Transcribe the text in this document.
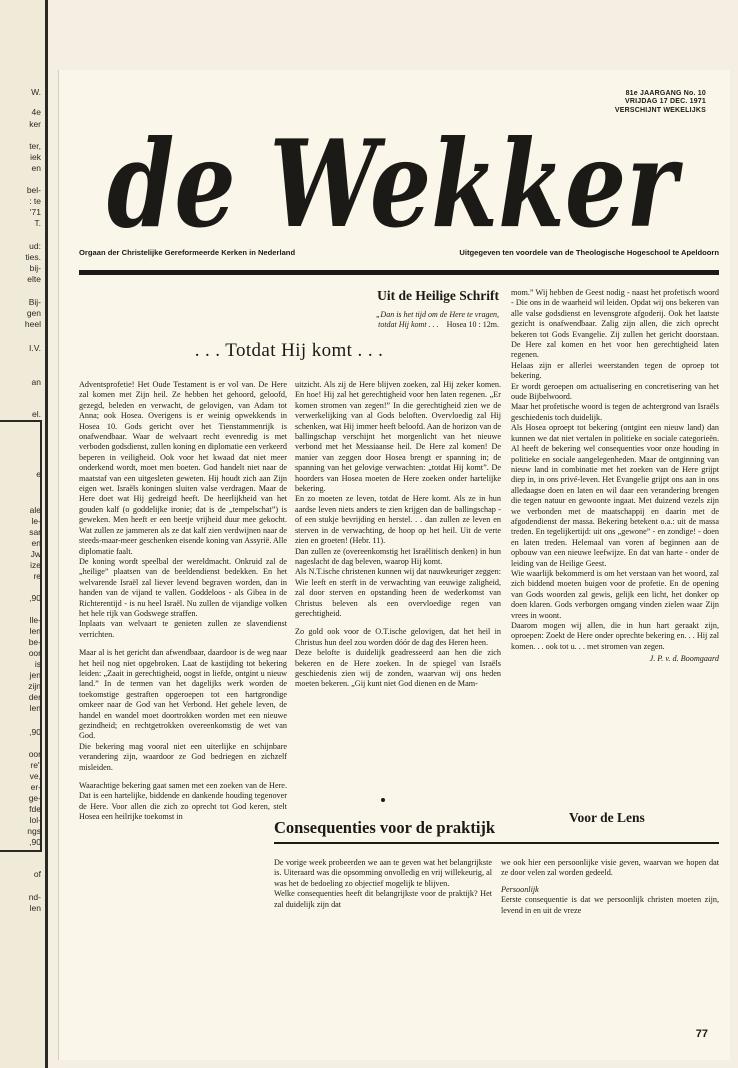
W.
4e
ker
ter,
iek
en
bel-
: te
'71
T.
ud:
ties.
bij-
elte
Bij-
gen
heel
I.V.
an
el.
e
ale
le-
sar
en
Jw
ize
re
,90
lle-
len
be-
oor
is
jen
zijn
der
len
,90
oor
re"
ve,
er-
ge-
fde
lol-
ngs
,90
of
nd-
len
81e JAARGANG No. 10
VRIJDAG 17 DEC. 1971
VERSCHIJNT WEKELIJKS
de Wekker
Orgaan der Christelijke Gereformeerde Kerken in Nederland	Uitgegeven ten voordele van de Theologische Hogeschool te Apeldoorn
Uit de Heilige Schrift
„Dan is het tijd om de Here te vragen,
totdat Hij komt . . . Hosea 10 : 12m.
. . . Totdat Hij komt . . .

Adventsprofetie! Het Oude Testament is er vol van. De Here zal komen met Zijn heil. Ze hebben het gehoord, geloofd, gezegd, beleden en verwacht, de gelovigen, van Adam tot Anna; ook Hosea. Overigens is er weinig opwekkends in Hosea 10. Gods gericht over het Tienstammenrijk is onafwendbaar. Waar de welvaart recht evenredig is met verboden godsdienst, zullen koning en diplomatie een verkeerd beperen in veiligheid. Ook voor het kwaad dat niet meer onderkend wordt, moet men boeten. God handelt niet naar de maatstaf van een uitgesleten geweten. Hij houdt zich aan Zijn eigen wet. Israëls koningen sluiten valse verdragen. Maar de Here doet wat Hij gedreigd heeft. De heerlijkheid van het gouden kalf (o goddelijke ironie; dat is de „tempelschat”) is geweken. Men heeft er een beetje vrijheid duur mee gekocht. Wat zullen ze jammeren als ze dat kalf zien verdwijnen naar de steeds-maar-meer geschenken eisende koning van Assyrië. Alle diplomatie faalt.

De koning wordt speelbal der wereldmacht. Onkruid zal de „heilige” plaatsen van de beeldendienst bedekken. En het welvarende Israël zal liever levend begraven worden, dan in handen van de vijand te vallen. Goddeloos - als Gibea in de Richterentijd - is nu heel Israël. Nu zullen de vijandige volken het hele rijk van Godswege straffen.

Inplaats van welvaart te genieten zullen ze slavendienst verrichten.

Maar al is het gericht dan afwendbaar, daardoor is de weg naar het heil nog niet opgebroken. Laat de kastijding tot bekering leiden: „Zaait in gerechtigheid, oogst in liefde, ontgint u nieuw land.” In de termen van het dagelijks werk worden de toekomstige gestraften opgeroepen tot een hartgrondige omkeer naar de God van het Verbond. Het gehele leven, de handel en wandel moet doortrokken worden met een nieuwe gezindheid; en rechtgetrokken overeenkomstig de wet van God.

Die bekering mag vooral niet een uiterlijke en schijnbare verandering zijn, waardoor ze God bedriegen en zichzelf misleiden.

Waarachtige bekering gaat samen met een zoeken van de Here. Dat is een hartelijke, biddende en dankende houding tegenover de Here. Voor allen die zich zo oprecht tot God keren, stelt Hosea een heilrijke toekomst in

uitzicht. Als zij de Here blijven zoeken, zal Hij zeker komen. En hoe! Hij zal het gerechtigheid voor hen laten regenen. „Er komen stromen van zegen!” In die gerechtigheid zien we de verwerkelijking van al Gods beloften. Overvloedig zal Hij schenken, wat Hij immer heeft beloofd. Aan de horizon van de ballingschap verschijnt het morgenlicht van het nieuwe verbond met het Messiaanse heil. De Here zal komen! De manier van zeggen door Hosea brengt er spanning in; de spanning van het gelovige verwachten: „totdat Hij komt”. De hoorders van Hosea moeten de Here zoeken onder hartelijke bekering.

En zo moeten ze leven, totdat de Here komt. Als ze in hun aardse leven niets anders te zien krijgen dan de ballingschap - of een stukje bevrijding en herstel. . . dan zullen ze leven en sterven in de verwachting, de hoop op het heil. Uit de verte zien en groeten! (Hebr. 11).

Dan zullen ze (overeenkomstig het Israëlitisch denken) in hun nageslacht de dag beleven, waarop Hij komt.

Als N.T.ische christenen kunnen wij dat nauwkeuriger zeggen: Wie leeft en sterft in de verwachting van eeuwige zaligheid, zal door sterven en opstanding heen de wederkomst van Christus beleven als een overvloedige regen van gerechtigheid.

Zo gold ook voor de O.T.ische gelovigen, dat het heil in Christus hun deel zou worden dóór de dag des Heren heen.

Deze belofte is duidelijk geadresseerd aan hen die zich bekeren en de Here zoeken. In de spiegel van Israëls geschiedenis zien wij de zonden, waarvan wij ons heden moeten bekeren. „Gij kunt niet God dienen en de Mam-

mom.” Wij hebben de Geest nodig - naast het profetisch woord - Die ons in de waarheid wil leiden. Opdat wij ons bekeren van alle valse godsdienst en levensgrote afgoderij. Ook het laatste gezicht is onafwendbaar. Zalig zijn allen, die zich oprecht bekeren tot Gods Evangelie. Zij zullen het gericht doorstaan. De Here zal komen en het voor hen gerechtigheid laten regenen.

Helaas zijn er allerlei weerstanden tegen de oproep tot bekering.

Er wordt geroepen om actualisering en concretisering van het oude Bijbelwoord.

Maar het profetische woord is tegen de achtergrond van Israëls geschiedenis toch duidelijk.

Als Hosea oproept tot bekering (ontgint een nieuw land) dan kunnen we dat niet vertalen in politieke en sociale categorieën. Al heeft de bekering wel consequenties voor onze houding in politieke en sociale aangelegenheden. Maar de ontginning van nieuw land in combinatie met het zoeken van de Here grijpt diep in, in ons privé-leven. Het Evangelie grijpt ons aan in ons alledaagse doen en laten en wil daar een verandering brengen die tegen natuur en gewoonte ingaat. Met duizend vezels zijn we verbonden met de maatschappij en daarin met de afgodendienst der massa. Bekering betekent o.a.: uit de massa treden. En tegelijkertijd: uit ons „gewone” - en zondige! - doen en laten treden. Helemaal van voren af beginnen aan de opbouw van een nieuwe leefwijze. En dat van harte - onder de leiding van de Heilige Geest.

Wie waarlijk bekommerd is om het verstaan van het woord, zal zich biddend moeten buigen voor de profetie. En de opening van Gods woorden zal gewis, gelijk een licht, het donker op doen klaren. Gods verborgen omgang vinden zielen waar Zijn vrees in woont.

Daarom mogen wij allen, die in hun hart geraakt zijn, oproepen: Zoekt de Here onder oprechte bekering en. . . Hij zal komen. . . ook tot u. . . met stromen van zegen.

J. P. v. d. Boomgaard
Voor de Lens
Consequenties voor de praktijk

De vorige week probeerden we aan te geven wat het belangrijkste is. Uiteraard was die opsomming onvolledig en vrij willekeurig, al was het de bedoeling zo objectief mogelijk te blijven.

Welke consequenties heeft dit belangrijkste voor de praktijk? Het zal duidelijk zijn dat

we ook hier een persoonlijke visie geven, waarvan we hopen dat ze door velen zal worden gedeeld.

Persoonlijk

Eerste consequentie is dat we persoonlijk christen moeten zijn, levend in en uit de vreze

77
